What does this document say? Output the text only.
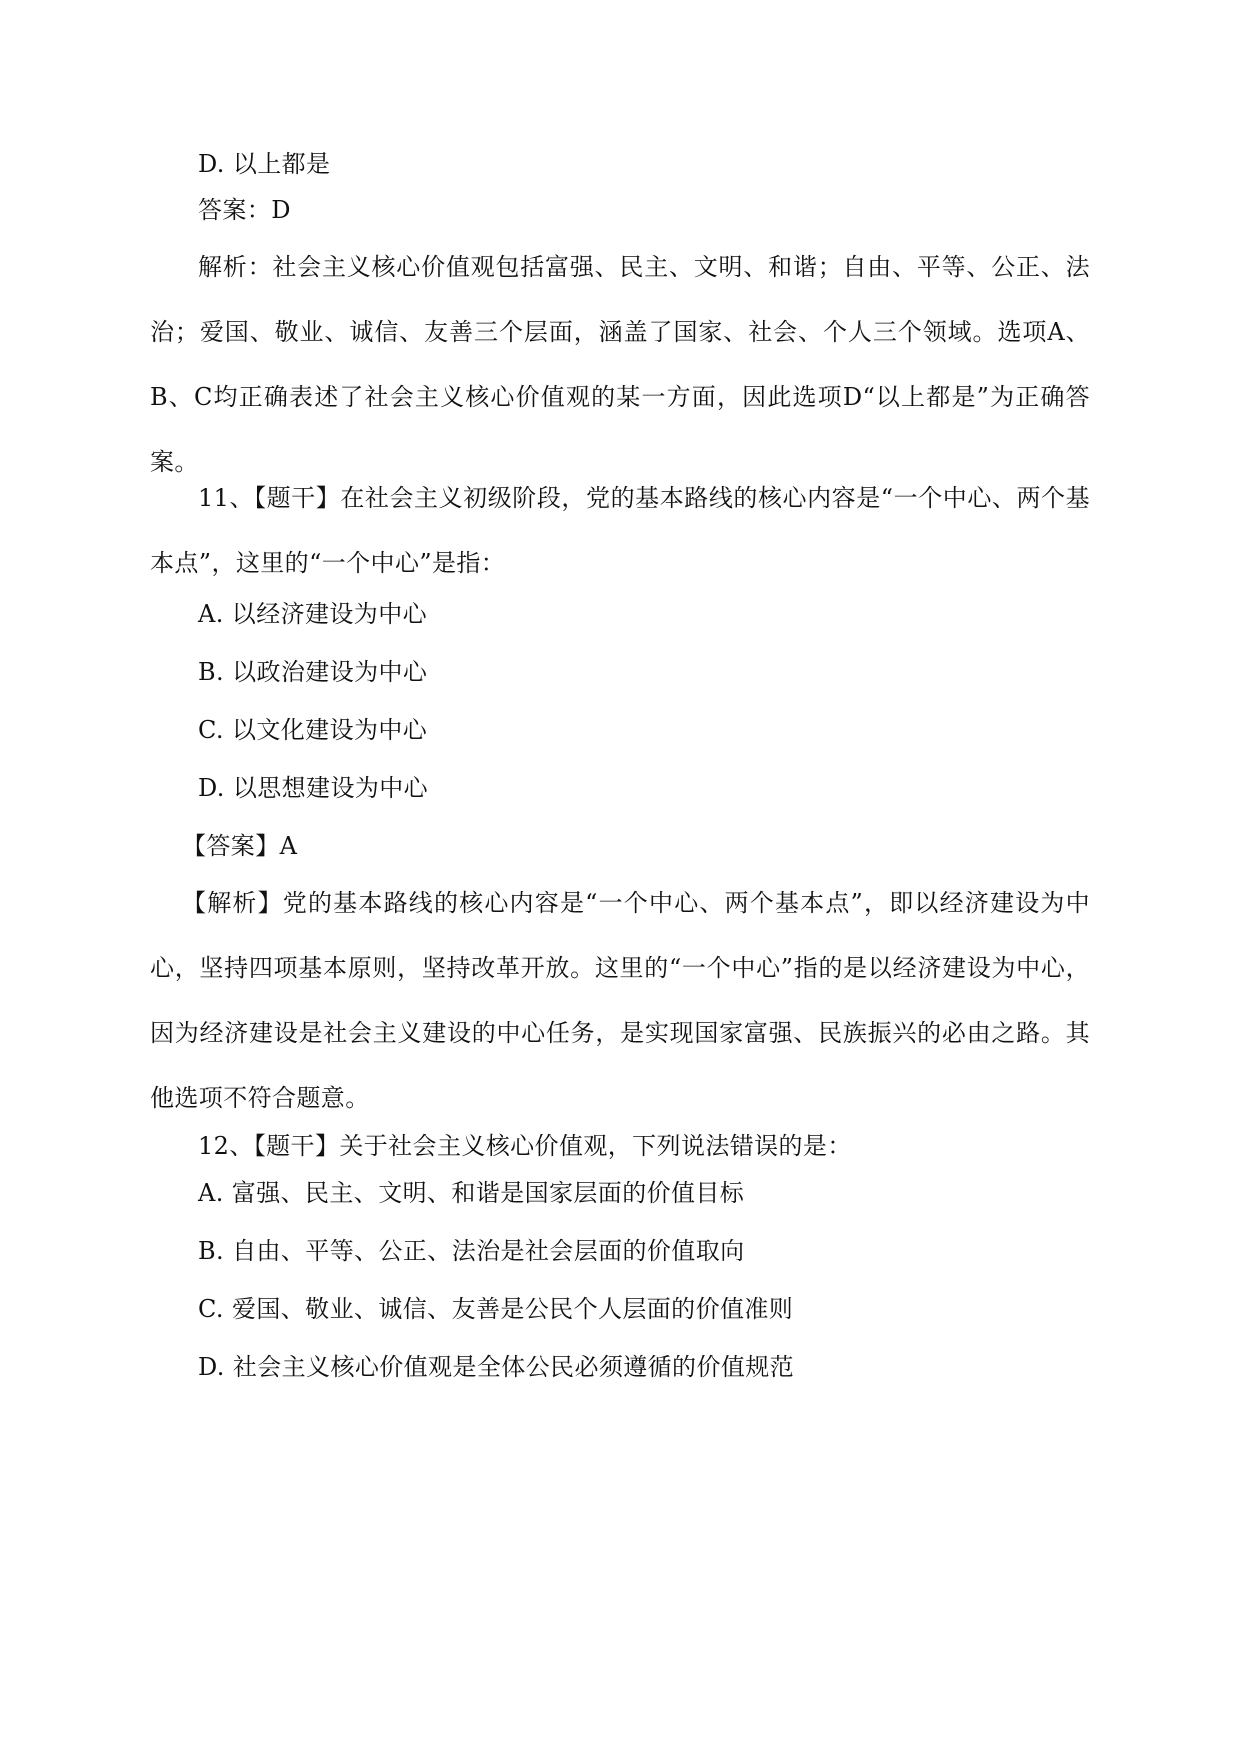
D. 以上都是
答案：D
解析：社会主义核心价值观包括富强、民主、文明、和谐；自由、平等、公正、法治；爱国、敬业、诚信、友善三个层面，涵盖了国家、社会、个人三个领域。选项A、B、C均正确表述了社会主义核心价值观的某一方面，因此选项D“以上都是”为正确答案。
11、【题干】在社会主义初级阶段，党的基本路线的核心内容是“一个中心、两个基本点”，这里的“一个中心”是指：
A. 以经济建设为中心
B. 以政治建设为中心
C. 以文化建设为中心
D. 以思想建设为中心
【答案】A
【解析】党的基本路线的核心内容是“一个中心、两个基本点”，即以经济建设为中心，坚持四项基本原则，坚持改革开放。这里的“一个中心”指的是以经济建设为中心，因为经济建设是社会主义建设的中心任务，是实现国家富强、民族振兴的必由之路。其他选项不符合题意。
12、【题干】关于社会主义核心价值观，下列说法错误的是：
A. 富强、民主、文明、和谐是国家层面的价值目标
B. 自由、平等、公正、法治是社会层面的价值取向
C. 爱国、敬业、诚信、友善是公民个人层面的价值准则
D. 社会主义核心价值观是全体公民必须遵循的价值规范
